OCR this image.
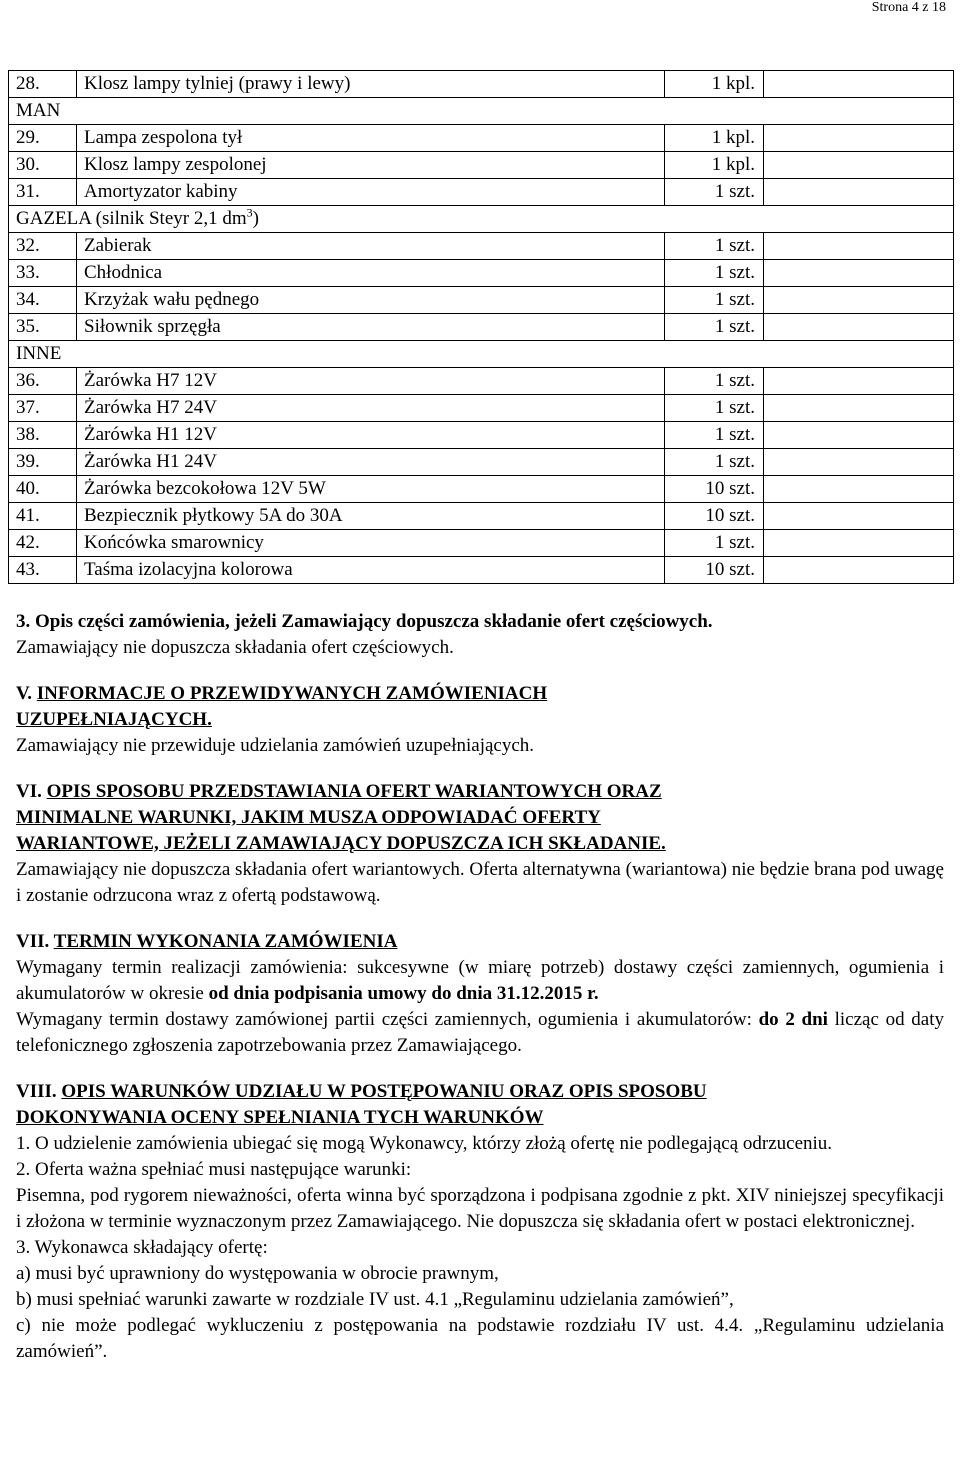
Strona 4 z 18
28.	Klosz lampy tylniej (prawy i lewy)	1 kpl.	
MAN			
29.	Lampa zespolona tył	1 kpl.	
30.	Klosz lampy zespolonej	1 kpl.	
31.	Amortyzator kabiny	1 szt.	
GAZELA (silnik Steyr 2,1 $dm^3$)			
32.	Zabierak	1 szt.	
33.	Chłodnica	1 szt.	
34.	Krzyżak wału pędnego	1 szt.	
35.	Siłownik sprzęgła	1 szt.	
INNE			
36.	Żarówka H7 12V	1 szt.	
37.	Żarówka H7 24V	1 szt.	
38.	Żarówka H1 12V	1 szt.	
39.	Żarówka H1 24V	1 szt.	
40.	Żarówka bezcokołowa 12V 5W	10 szt.	
41.	Bezpiecznik płytkowy 5A do 30A	10 szt.	
42.	Końcówka smarownicy	1 szt.	
43.	Taśma izolacyjna kolorowa	10 szt.	

3. Opis części zamówienia, jeżeli Zamawiający dopuszcza składanie ofert częściowych.

Zamawiający nie dopuszcza składania ofert częściowych.

V. INFORMACJE O PRZEWIDYWANYCH ZAMÓWIENIACH

UZUPEŁNIAJĄCYCH.

Zamawiający nie przewiduje udzielania zamówień uzupełniających.

VI. OPIS SPOSOBU PRZEDSTAWIANIA OFERT WARIANTOWYCH ORAZ

MINIMALNE WARUNKI, JAKIM MUSZA ODPOWIADAĆ OFERTY

WARIANTOWE, JEŻELI ZAMAWIAJĄCY DOPUSZCZA ICH SKŁADANIE.

Zamawiający nie dopuszcza składania ofert wariantowych. Oferta alternatywna (wariantowa) nie będzie brana pod uwagę i zostanie odrzucona wraz z ofertą podstawową.

VII. TERMIN WYKONANIA ZAMÓWIENIA

Wymagany termin realizacji zamówienia: sukcesywne (w miarę potrzeb) dostawy części zamiennych, ogumienia i akumulatorów w okresie od dnia podpisania umowy do dnia 31.12.2015 r.

Wymagany termin dostawy zamówionej partii części zamiennych, ogumienia i akumulatorów: do 2 dni licząc od daty telefonicznego zgłoszenia zapotrzebowania przez Zamawiającego.

VIII. OPIS WARUNKÓW UDZIAŁU W POSTĘPOWANIU ORAZ OPIS SPOSOBU

DOKONYWANIA OCENY SPEŁNIANIA TYCH WARUNKÓW

1. O udzielenie zamówienia ubiegać się mogą Wykonawcy, którzy złożą ofertę nie podlegającą odrzuceniu.

2. Oferta ważna spełniać musi następujące warunki:

Pisemna, pod rygorem nieważności, oferta winna być sporządzona i podpisana zgodnie z pkt. XIV niniejszej specyfikacji i złożona w terminie wyznaczonym przez Zamawiającego. Nie dopuszcza się składania ofert w postaci elektronicznej.

3. Wykonawca składający ofertę:

a) musi być uprawniony do występowania w obrocie prawnym,

b) musi spełniać warunki zawarte w rozdziale IV ust. 4.1 „Regulaminu udzielania zamówień”,

c) nie może podlegać wykluczeniu z postępowania na podstawie rozdziału IV ust. 4.4. „Regulaminu udzielania zamówień”.
